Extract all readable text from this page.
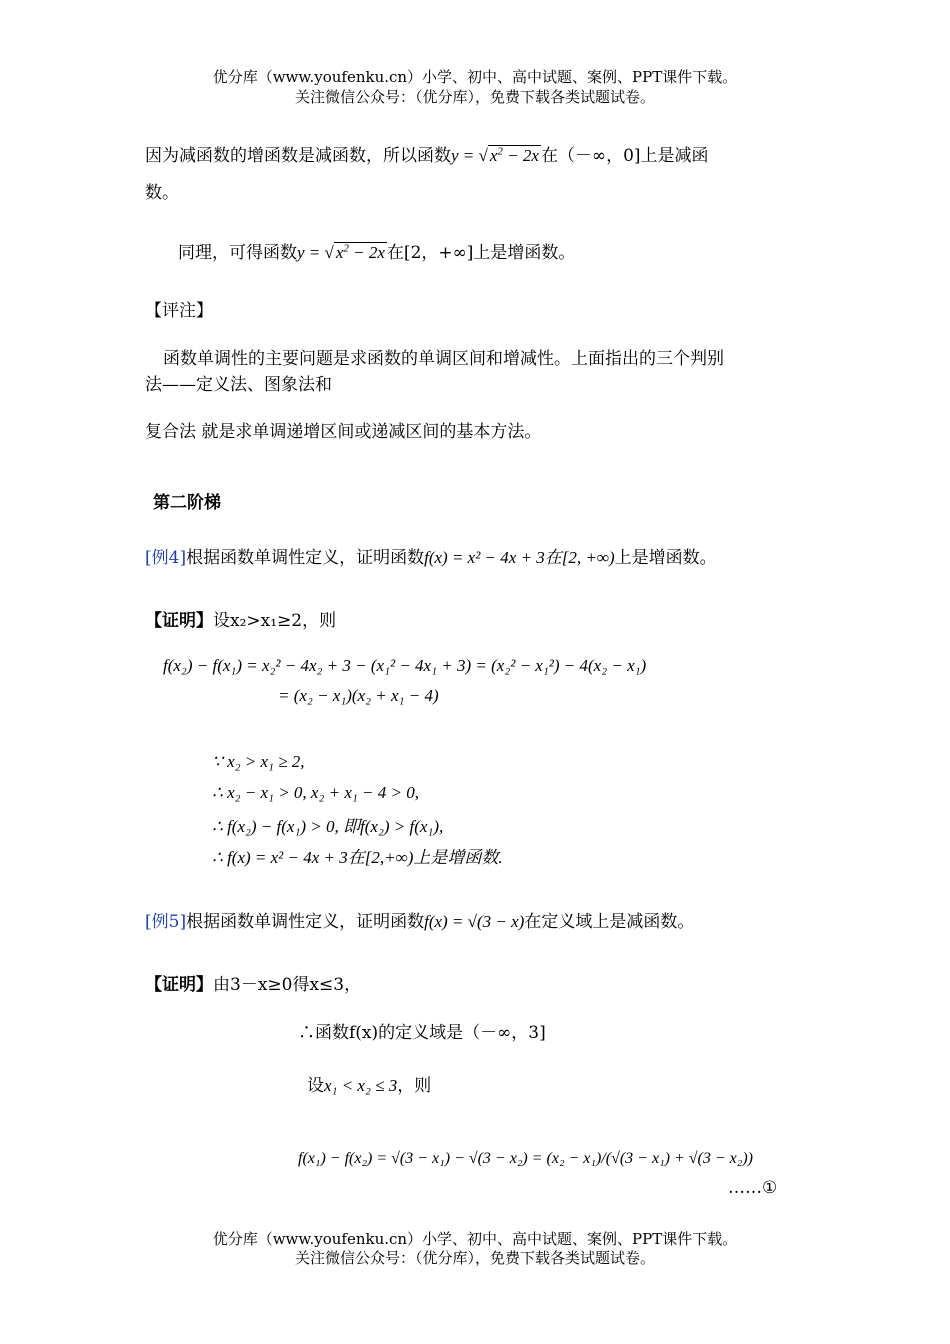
优分库（www.youfenku.cn）小学、初中、高中试题、案例、PPT课件下载。
关注微信公众号：（优分库），免费下载各类试题试卷。
因为减函数的增函数是减函数，所以函数y = √ $x^2 - 2x$ 在（－∞，0]上是减函
数。
同理，可得函数y = √ $x^2 - 2x$ 在[2，+∞]上是增函数。
【评注】
函数单调性的主要问题是求函数的单调区间和增减性。上面指出的三个判别
法——定义法、图象法和
复合法 就是求单调递增区间或递减区间的基本方法。
第二阶梯
[例4]根据函数单调性定义，证明函数f(x) = x² − 4x + 3在[2, +∞)上是增函数。
【证明】设x₂>x₁≥2，则
f(x₂) − f(x₁) = x₂² − 4x₂ + 3 − (x₁² − 4x₁ + 3) = (x₂² − x₁²) − 4(x₂ − x₁)
= (x₂ − x₁)(x₂ + x₁ − 4)
∵ x₂ > x₁ ≥ 2,
∴ x₂ − x₁ > 0, x₂ + x₁ − 4 > 0,
∴ f(x₂) − f(x₁) > 0, 即f(x₂) > f(x₁),
∴ f(x) = x² − 4x + 3在[2,+∞)上是增函数.
[例5]根据函数单调性定义，证明函数f(x) = √(3 − x)在定义域上是减函数。
【证明】由3－x≥0得x≤3，
∴函数f(x)的定义域是（－∞，3]
设x₁ < x₂ ≤ 3，则
f(x₁) − f(x₂) = √(3 − x₁) − √(3 − x₂) = (x₂ − x₁)/(√(3 − x₁) + √(3 − x₂))
……①
优分库（www.youfenku.cn）小学、初中、高中试题、案例、PPT课件下载。
关注微信公众号：（优分库），免费下载各类试题试卷。
